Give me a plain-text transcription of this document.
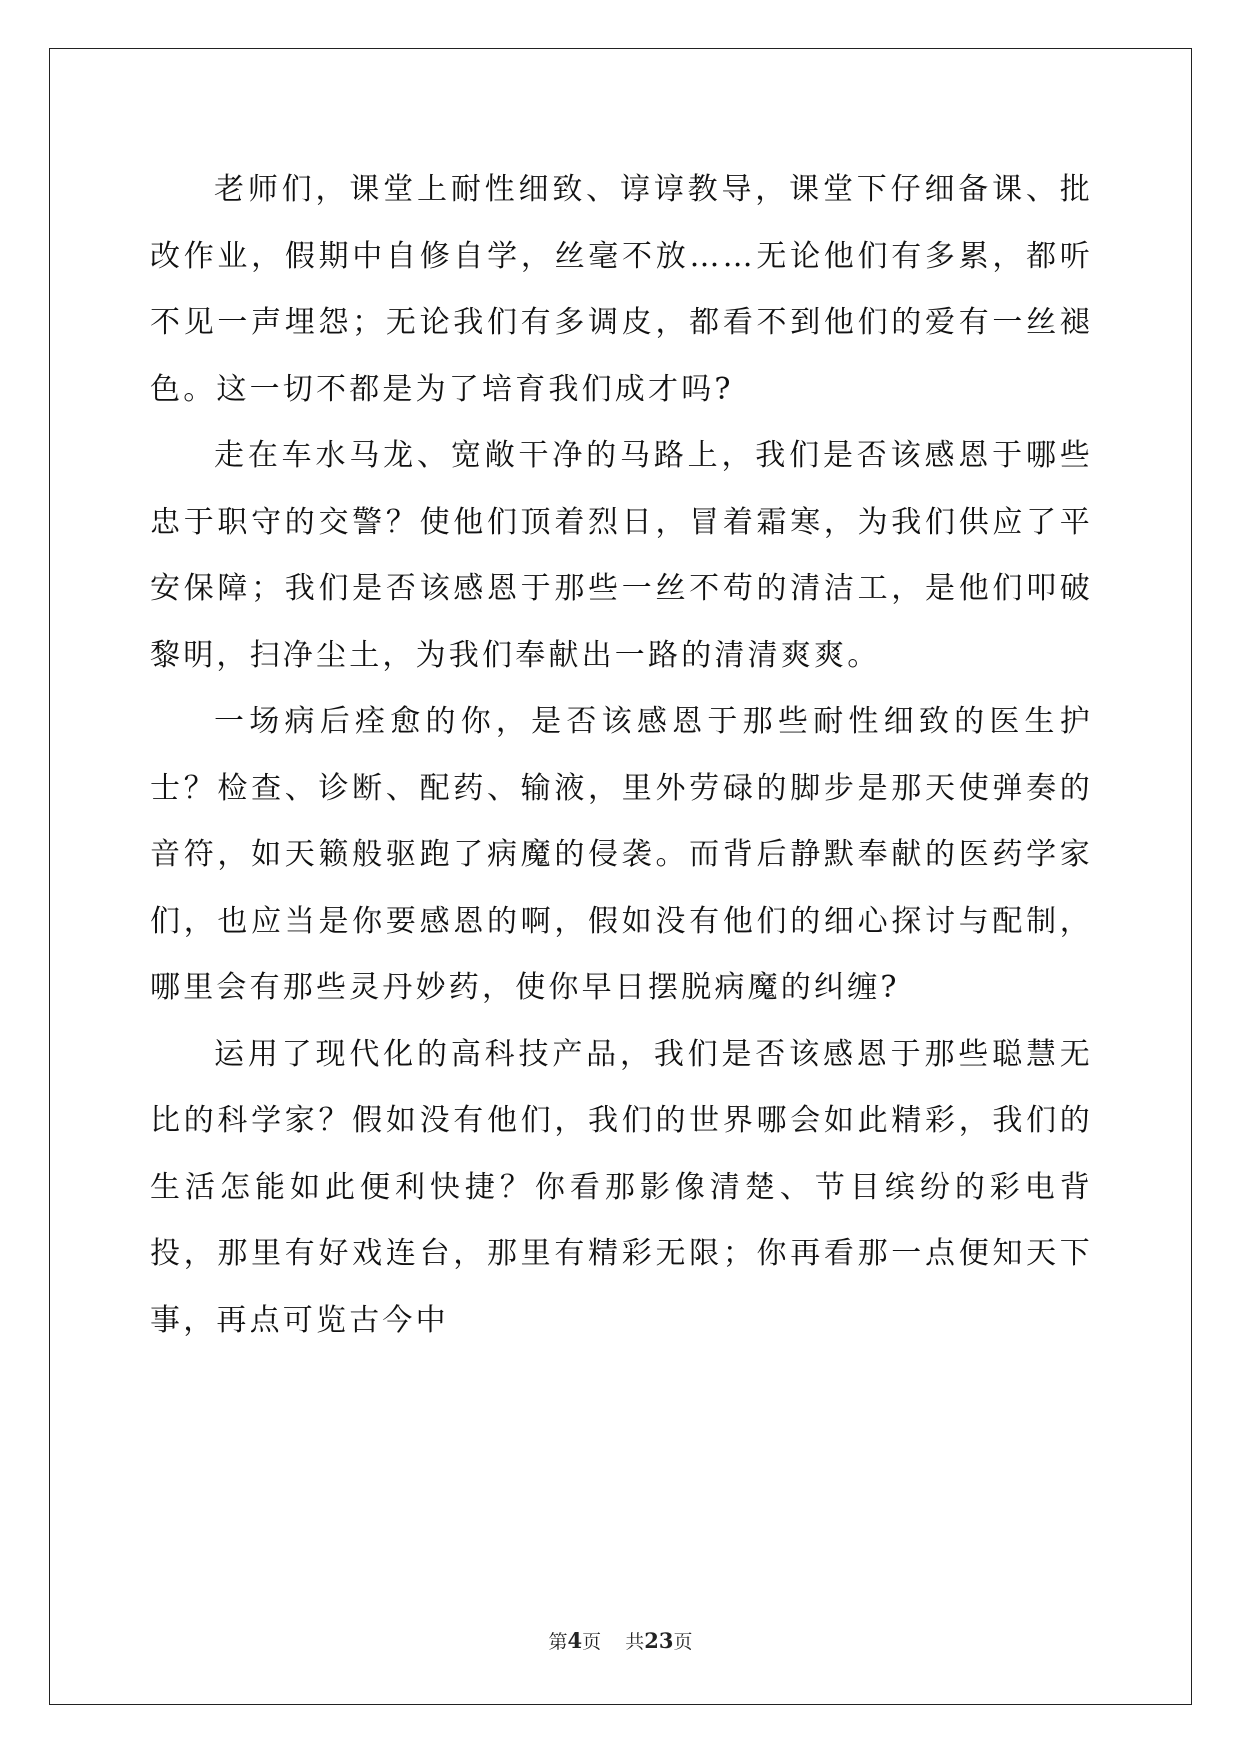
老师们，课堂上耐性细致、谆谆教导，课堂下仔细备课、批改作业，假期中自修自学，丝毫不放……无论他们有多累，都听不见一声埋怨；无论我们有多调皮，都看不到他们的爱有一丝褪色。这一切不都是为了培育我们成才吗?

走在车水马龙、宽敞干净的马路上，我们是否该感恩于哪些忠于职守的交警？使他们顶着烈日，冒着霜寒，为我们供应了平安保障；我们是否该感恩于那些一丝不苟的清洁工，是他们叩破黎明，扫净尘土，为我们奉献出一路的清清爽爽。

一场病后痊愈的你，是否该感恩于那些耐性细致的医生护士？检查、诊断、配药、输液，里外劳碌的脚步是那天使弹奏的音符，如天籁般驱跑了病魔的侵袭。而背后静默奉献的医药学家们，也应当是你要感恩的啊，假如没有他们的细心探讨与配制，哪里会有那些灵丹妙药，使你早日摆脱病魔的纠缠?

运用了现代化的高科技产品，我们是否该感恩于那些聪慧无比的科学家？假如没有他们，我们的世界哪会如此精彩，我们的生活怎能如此便利快捷？你看那影像清楚、节目缤纷的彩电背投，那里有好戏连台，那里有精彩无限；你再看那一点便知天下事，再点可览古今中

第4页 共23页
